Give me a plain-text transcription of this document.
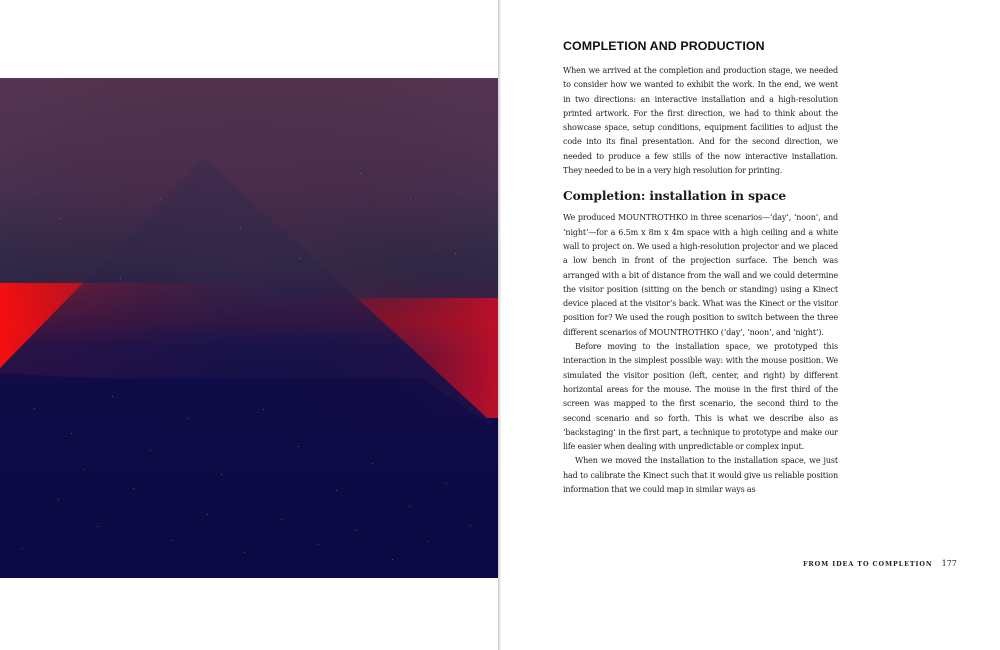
COMPLETION AND PRODUCTION

When we arrived at the completion and production stage, we needed to consider how we wanted to exhibit the work. In the end, we went in two directions: an interactive installation and a high-resolution printed artwork. For the first direction, we had to think about the showcase space, setup conditions, equipment facilities to adjust the code into its final presentation. And for the second direction, we needed to produce a few stills of the now interactive installation. They needed to be in a very high resolution for printing.

Completion: installation in space

We produced MOUNTROTHKO in three scenarios—‘day’, ‘noon’, and ‘night’—for a 6.5m x 8m x 4m space with a high ceiling and a white wall to project on. We used a high-resolution projector and we placed a low bench in front of the projection surface. The bench was arranged with a bit of distance from the wall and we could determine the visitor position (sitting on the bench or standing) using a Kinect device placed at the visitor’s back. What was the Kinect or the visitor position for? We used the rough position to switch between the three different scenarios of MOUNTROTHKO (‘day’, ‘noon’, and ‘night’).

Before moving to the installation space, we prototyped this interaction in the simplest possible way: with the mouse position. We simulated the visitor position (left, center, and right) by different horizontal areas for the mouse. The mouse in the first third of the screen was mapped to the first scenario, the second third to the second scenario and so forth. This is what we describe also as ‘backstaging’ in the first part, a technique to prototype and make our life easier when dealing with unpredictable or complex input.

When we moved the installation to the installation space, we just had to calibrate the Kinect such that it would give us reliable position information that we could map in similar ways as

FROM IDEA TO COMPLETION 177
